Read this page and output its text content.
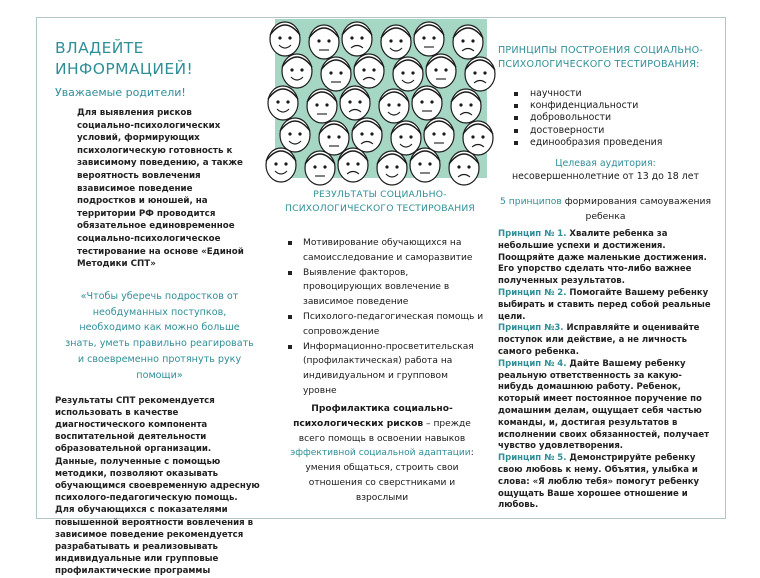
ВЛАДЕЙТЕ
ИНФОРМАЦИЕЙ!
Уважаемые родители!
Для выявления рисков социально-психологических условий, формирующих психологическую готовность к зависимому поведению, а также вероятность вовлечения взависимое поведение подростков и юношей, на территории РФ проводится обязательное единовременное социально-психологическое тестирование на основе «Единой Методики СПТ»
«Чтобы уберечь подростков от необдуманных поступков, необходимо как можно больше знать, уметь правильно реагировать и своевременно протянуть руку помощи»
Результаты СПТ рекомендуется использовать в качестве диагностического компонента воспитательной деятельности образовательной организации.
Данные, полученные с помощью методики, позволяют оказывать обучающимся своевременную адресную психолого-педагогическую помощь. Для обучающихся с показателями повышенной вероятности вовлечения в зависимое поведение рекомендуется разрабатывать и реализовывать индивидуальные или групповые профилактические программы
РЕЗУЛЬТАТЫ СОЦИАЛЬНО-ПСИХОЛОГИЧЕСКОГО ТЕСТИРОВАНИЯ
Мотивирование обучающихся на самоисследование и саморазвитие
Выявление факторов, провоцирующих вовлечение в зависимое поведение
Психолого-педагогическая помощь и сопровождение
Информационно-просветительская (профилактическая) работа на индивидуальном и групповом уровне
Профилактика социально-психологических рисков – прежде всего помощь в освоении навыков эффективной социальной адаптации: умения общаться, строить свои отношения со сверстниками и взрослыми
ПРИНЦИПЫ ПОСТРОЕНИЯ СОЦИАЛЬНО-ПСИХОЛОГИЧЕСКОГО ТЕСТИРОВАНИЯ:
научности
конфиденциальности
добровольности
достоверности
единообразия проведения
Целевая аудитория:
несовершеннолетние от 13 до 18 лет
5 принципов формирования самоуважения ребенка

Принцип № 1. Хвалите ребенка за небольшие успехи и достижения. Поощряйте даже маленькие достижения. Его упорство сделать что-либо важнее полученных результатов.

Принцип № 2. Помогайте Вашему ребенку выбирать и ставить перед собой реальные цели.

Принцип №3. Исправляйте и оценивайте поступок или действие, а не личность самого ребенка.

Принцип № 4. Дайте Вашему ребенку реальную ответственность за какую-нибудь домашнюю работу. Ребенок, который имеет постоянное поручение по домашним делам, ощущает себя частью команды, и, достигая результатов в исполнении своих обязанностей, получает чувство удовлетворения.

Принцип № 5. Демонстрируйте ребенку свою любовь к нему. Объятия, улыбка и слова: «Я люблю тебя» помогут ребенку ощущать Ваше хорошее отношение и любовь.
